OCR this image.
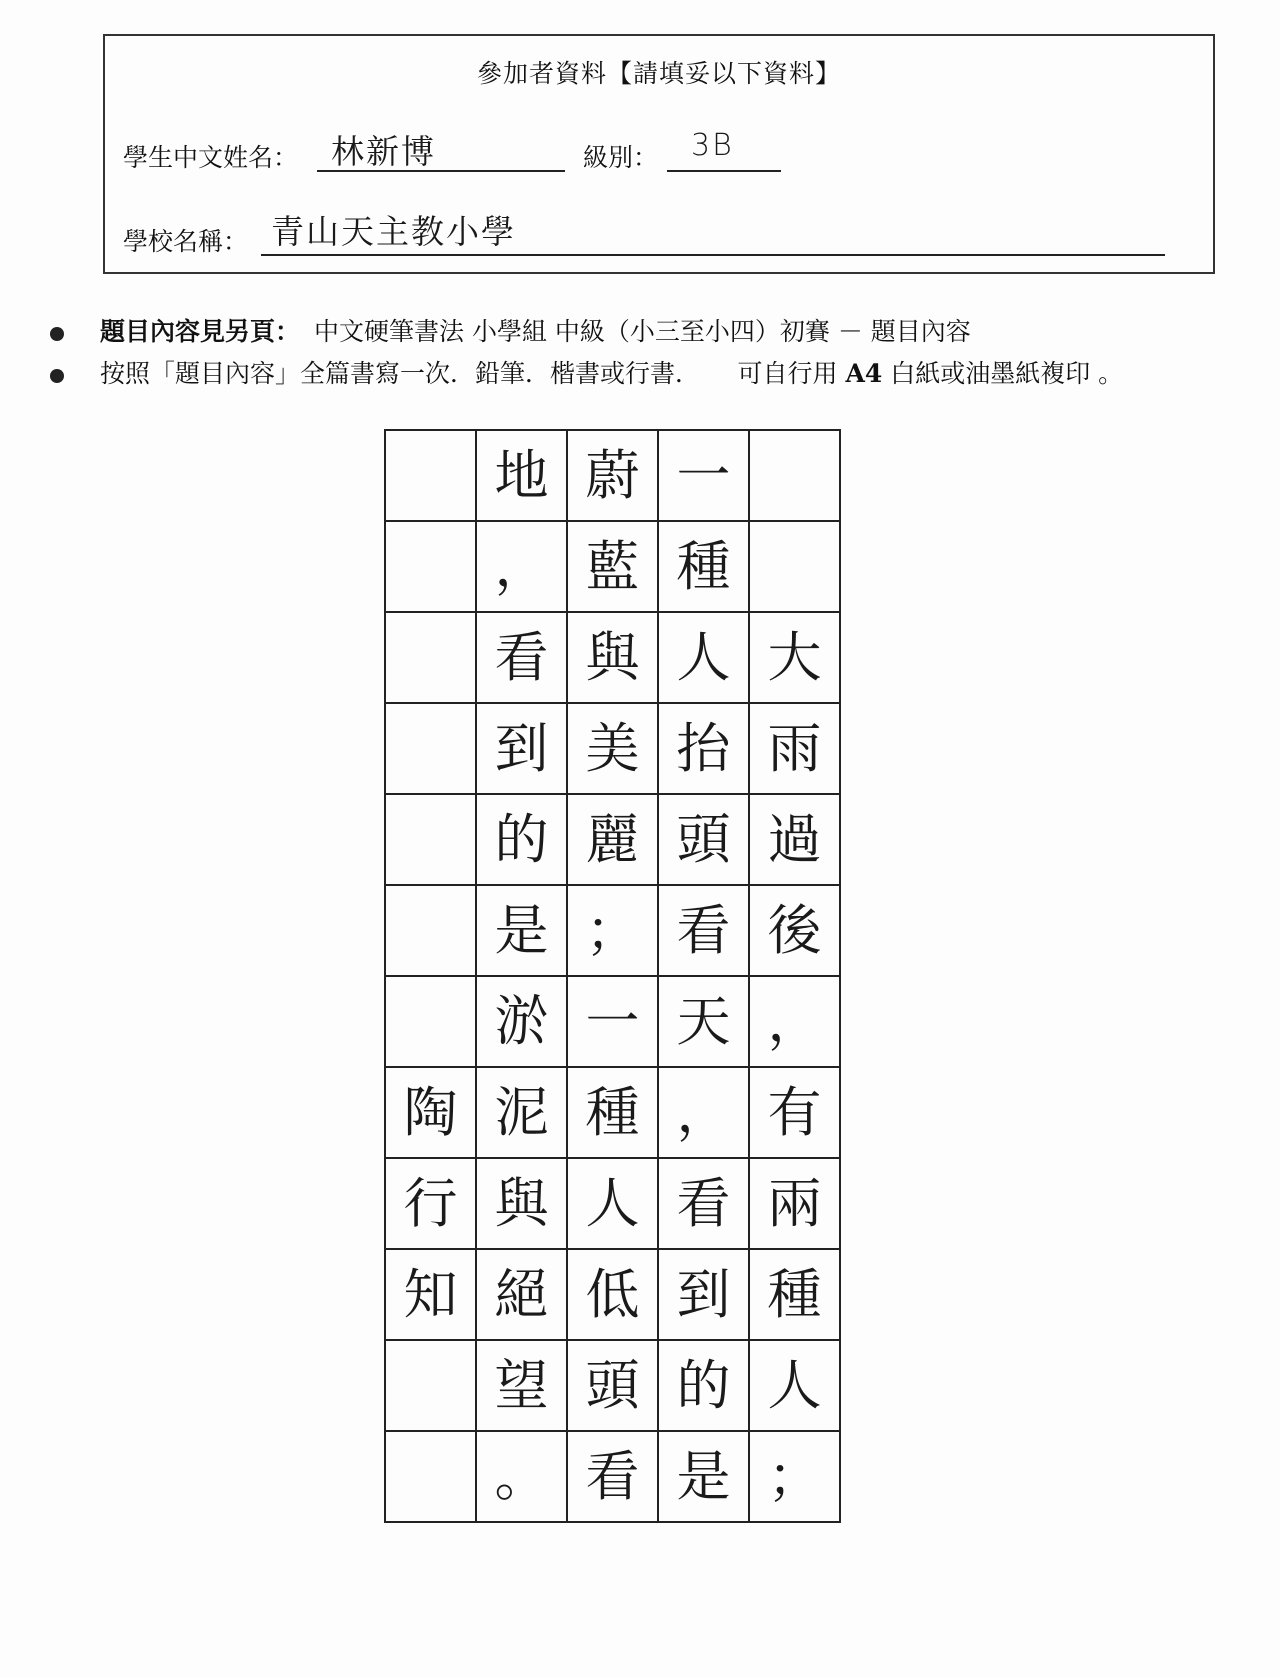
參加者資料【請填妥以下資料】
學生中文姓名： 林新博	級別： 3B
學校名稱： 青山天主教小學
題目內容見另頁： 中文硬筆書法 小學組 中級（小三至小四）初賽 － 題目內容
按照「題目內容」全篇書寫一次．鉛筆．楷書或行書．　　可自行用 A4 白紙或油墨紙複印 。
地 蔚 一
， 藍 種
看 與 人 大
到 美 抬 雨
的 麗 頭 過
是 ； 看 後
淤 一 天 ，
陶 泥 種 ， 有
行 與 人 看 兩
知 絕 低 到 種
望 頭 的 人
。 看 是 ；
